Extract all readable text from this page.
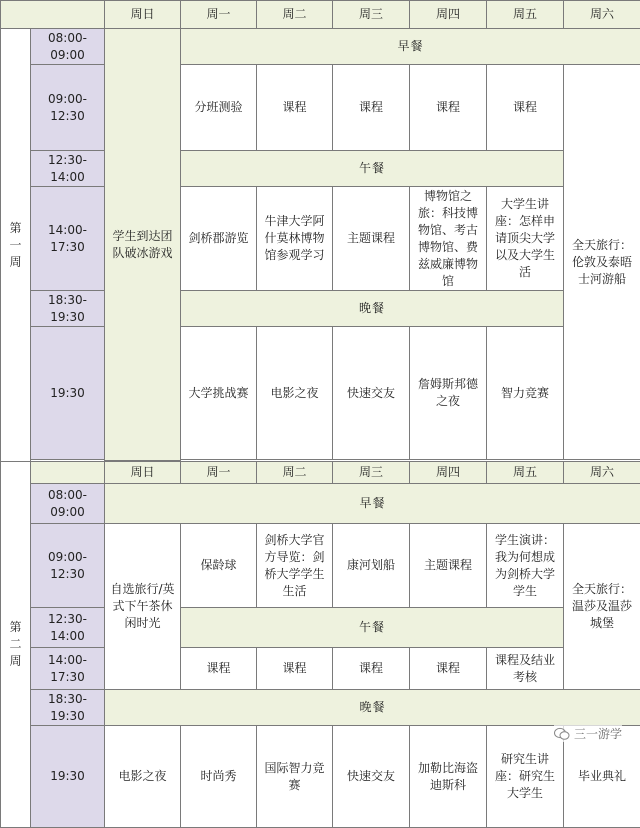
		周日	周一	周二	周三	周四	周五	周六	
第一周	08:00-09:00	学生到达团队破冰游戏	早餐						
	09:00-12:30		分班测验	课程	课程	课程	课程	全天旅行：伦敦及泰晤士河游船	

	12:30-14:00		午餐						
	14:00-17:30		剑桥郡游览	牛津大学阿什莫林博物馆参观学习	主题课程	博物馆之旅：科技博物馆、考古博物馆、费兹威廉博物馆	大学生讲座：怎样申请顶尖大学以及大学生活		

	18:30-19:30		晚餐						
	19:30		大学挑战赛	电影之夜	快速交友	詹姆斯邦德之夜	智力竞赛		

第二周		周日	周一	周二	周三	周四	周五	周六	
	08:00-09:00	早餐							
	09:00-12:30	自选旅行/英式下午茶休闲时光	保龄球	剑桥大学官方导览：剑桥大学学生生活	康河划船	主题课程	学生演讲：我为何想成为剑桥大学学生	全天旅行：温莎及温莎城堡	

	12:30-14:00		午餐						
	14:00-17:30		课程	课程	课程	课程	课程及结业考核		
	18:30-19:30	晚餐							
	19:30	电影之夜	时尚秀	国际智力竞赛	快速交友	加勒比海盗迪斯科	研究生讲座：研究生大学生	毕业典礼	

三一游学
